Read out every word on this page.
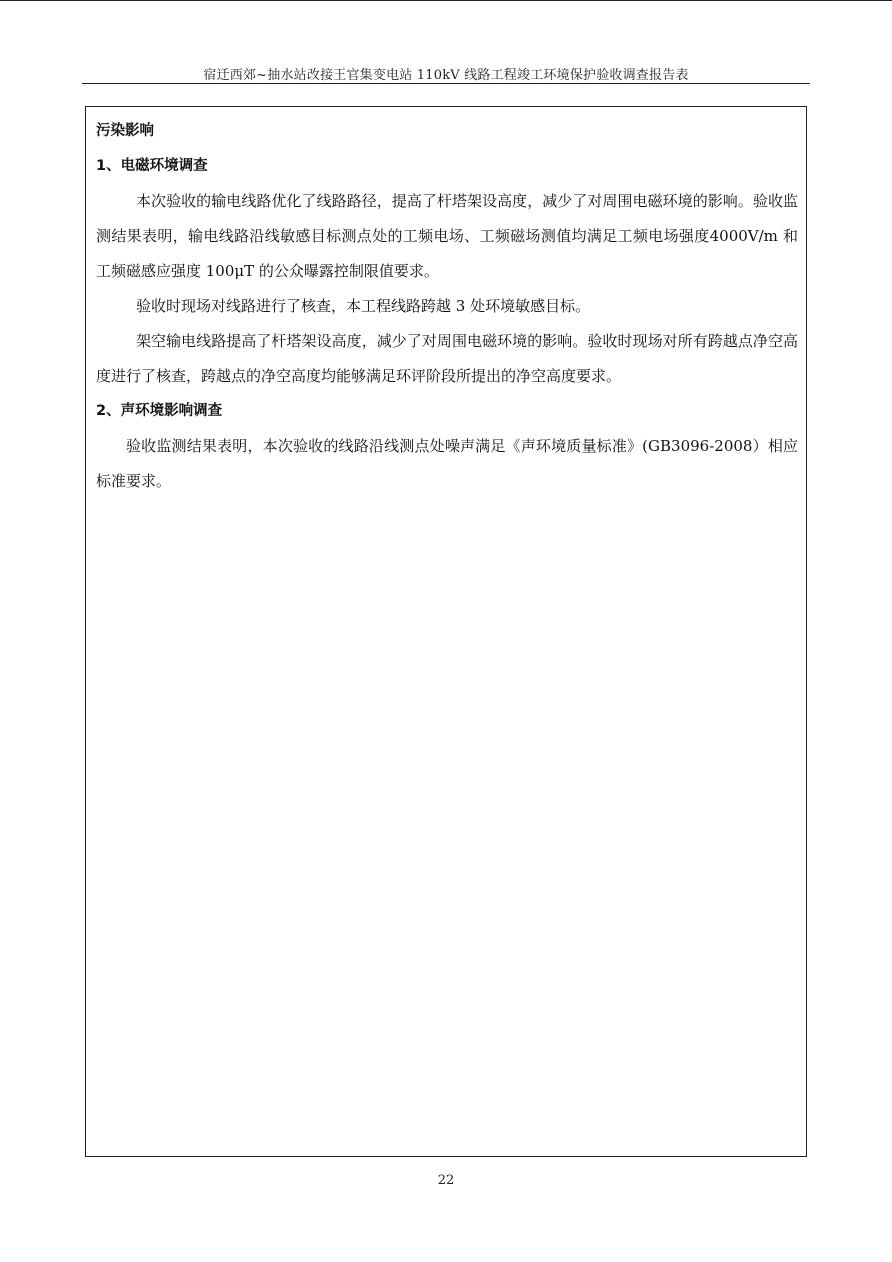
宿迁西郊~抽水站改接王官集变电站 110kV 线路工程竣工环境保护验收调查报告表
污染影响
1、电磁环境调查
本次验收的输电线路优化了线路路径，提高了杆塔架设高度，减少了对周围电磁环境的影响。验收监测结果表明，输电线路沿线敏感目标测点处的工频电场、工频磁场测值均满足工频电场强度4000V/m 和工频磁感应强度 100μT 的公众曝露控制限值要求。
验收时现场对线路进行了核查，本工程线路跨越 3 处环境敏感目标。
架空输电线路提高了杆塔架设高度，减少了对周围电磁环境的影响。验收时现场对所有跨越点净空高度进行了核查，跨越点的净空高度均能够满足环评阶段所提出的净空高度要求。
2、声环境影响调查
验收监测结果表明，本次验收的线路沿线测点处噪声满足《声环境质量标准》(GB3096-2008）相应标准要求。
22
